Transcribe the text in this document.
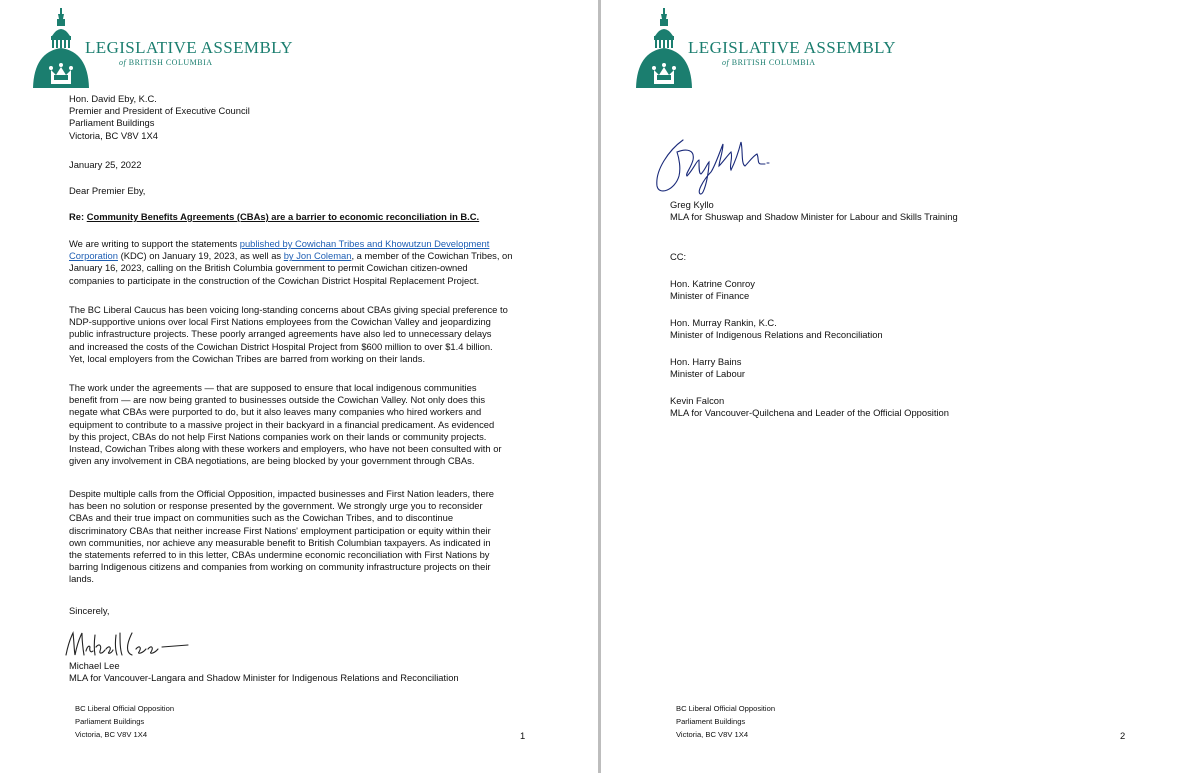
LEGISLATIVE ASSEMBLY
of BRITISH COLUMBIA
Hon. David Eby, K.C.
Premier and President of Executive Council
Parliament Buildings
Victoria, BC V8V 1X4
January 25, 2022
Dear Premier Eby,
Re: Community Benefits Agreements (CBAs) are a barrier to economic reconciliation in B.C.
We are writing to support the statements published by Cowichan Tribes and Khowutzun Development
Corporation (KDC) on January 19, 2023, as well as by Jon Coleman, a member of the Cowichan Tribes, on
January 16, 2023, calling on the British Columbia government to permit Cowichan citizen-owned
companies to participate in the construction of the Cowichan District Hospital Replacement Project.
The BC Liberal Caucus has been voicing long-standing concerns about CBAs giving special preference to
NDP-supportive unions over local First Nations employees from the Cowichan Valley and jeopardizing
public infrastructure projects. These poorly arranged agreements have also led to unnecessary delays
and increased the costs of the Cowichan District Hospital Project from $600 million to over $1.4 billion.
Yet, local employers from the Cowichan Tribes are barred from working on their lands.
The work under the agreements — that are supposed to ensure that local indigenous communities
benefit from — are now being granted to businesses outside the Cowichan Valley. Not only does this
negate what CBAs were purported to do, but it also leaves many companies who hired workers and
equipment to contribute to a massive project in their backyard in a financial predicament. As evidenced
by this project, CBAs do not help First Nations companies work on their lands or community projects.
Instead, Cowichan Tribes along with these workers and employers, who have not been consulted with or
given any involvement in CBA negotiations, are being blocked by your government through CBAs.
Despite multiple calls from the Official Opposition, impacted businesses and First Nation leaders, there
has been no solution or response presented by the government. We strongly urge you to reconsider
CBAs and their true impact on communities such as the Cowichan Tribes, and to discontinue
discriminatory CBAs that neither increase First Nations' employment participation or equity within their
own communities, nor achieve any measurable benefit to British Columbian taxpayers. As indicated in
the statements referred to in this letter, CBAs undermine economic reconciliation with First Nations by
barring Indigenous citizens and companies from working on community infrastructure projects on their
lands.
Sincerely,
Michael Lee
MLA for Vancouver-Langara and Shadow Minister for Indigenous Relations and Reconciliation
BC Liberal Official Opposition
Parliament Buildings
Victoria, BC V8V 1X4	1
LEGISLATIVE ASSEMBLY
of BRITISH COLUMBIA
Greg Kyllo
MLA for Shuswap and Shadow Minister for Labour and Skills Training
CC:
Hon. Katrine Conroy
Minister of Finance
Hon. Murray Rankin, K.C.
Minister of Indigenous Relations and Reconciliation
Hon. Harry Bains
Minister of Labour
Kevin Falcon
MLA for Vancouver-Quilchena and Leader of the Official Opposition
BC Liberal Official Opposition
Parliament Buildings
Victoria, BC V8V 1X4	2
